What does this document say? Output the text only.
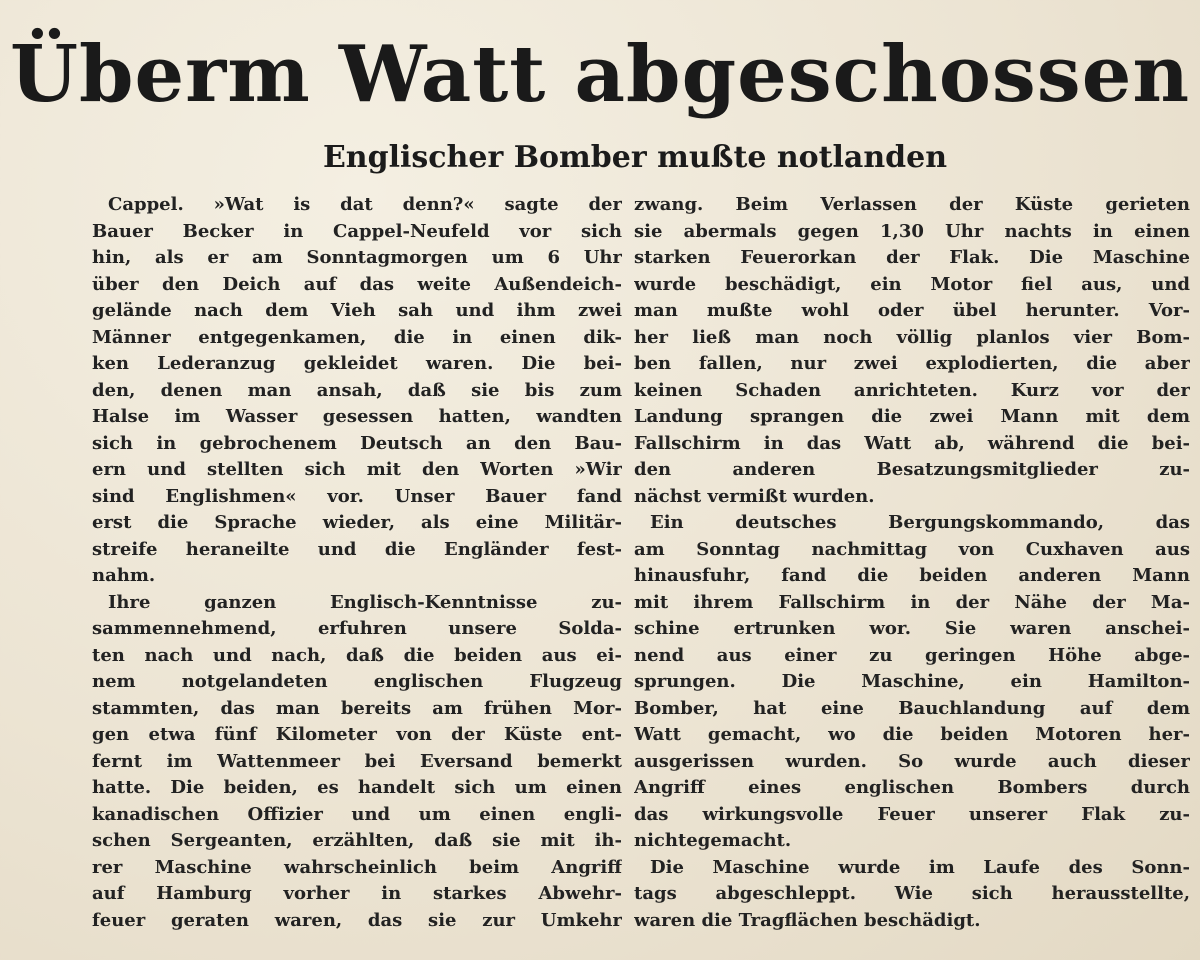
Überm Watt abgeschossen
Englischer Bomber mußte notlanden
Cappel. »Wat is dat denn?« sagte der
Bauer Becker in Cappel-Neufeld vor sich
hin, als er am Sonntagmorgen um 6 Uhr
über den Deich auf das weite Außendeich-
gelände nach dem Vieh sah und ihm zwei
Männer entgegenkamen, die in einen dik-
ken Lederanzug gekleidet waren. Die bei-
den, denen man ansah, daß sie bis zum
Halse im Wasser gesessen hatten, wandten
sich in gebrochenem Deutsch an den Bau-
ern und stellten sich mit den Worten »Wir
sind Englishmen« vor. Unser Bauer fand
erst die Sprache wieder, als eine Militär-
streife heraneilte und die Engländer fest-
nahm.
Ihre ganzen Englisch-Kenntnisse zu-
sammennehmend, erfuhren unsere Solda-
ten nach und nach, daß die beiden aus ei-
nem notgelandeten englischen Flugzeug
stammten, das man bereits am frühen Mor-
gen etwa fünf Kilometer von der Küste ent-
fernt im Wattenmeer bei Eversand bemerkt
hatte. Die beiden, es handelt sich um einen
kanadischen Offizier und um einen engli-
schen Sergeanten, erzählten, daß sie mit ih-
rer Maschine wahrscheinlich beim Angriff
auf Hamburg vorher in starkes Abwehr-
feuer geraten waren, das sie zur Umkehr
zwang. Beim Verlassen der Küste gerieten
sie abermals gegen 1,30 Uhr nachts in einen
starken Feuerorkan der Flak. Die Maschine
wurde beschädigt, ein Motor fiel aus, und
man mußte wohl oder übel herunter. Vor-
her ließ man noch völlig planlos vier Bom-
ben fallen, nur zwei explodierten, die aber
keinen Schaden anrichteten. Kurz vor der
Landung sprangen die zwei Mann mit dem
Fallschirm in das Watt ab, während die bei-
den anderen Besatzungsmitglieder zu-
nächst vermißt wurden.
Ein deutsches Bergungskommando, das
am Sonntag nachmittag von Cuxhaven aus
hinausfuhr, fand die beiden anderen Mann
mit ihrem Fallschirm in der Nähe der Ma-
schine ertrunken wor. Sie waren anschei-
nend aus einer zu geringen Höhe abge-
sprungen. Die Maschine, ein Hamilton-
Bomber, hat eine Bauchlandung auf dem
Watt gemacht, wo die beiden Motoren her-
ausgerissen wurden. So wurde auch dieser
Angriff eines englischen Bombers durch
das wirkungsvolle Feuer unserer Flak zu-
nichtegemacht.
Die Maschine wurde im Laufe des Sonn-
tags abgeschleppt. Wie sich herausstellte,
waren die Tragflächen beschädigt.
